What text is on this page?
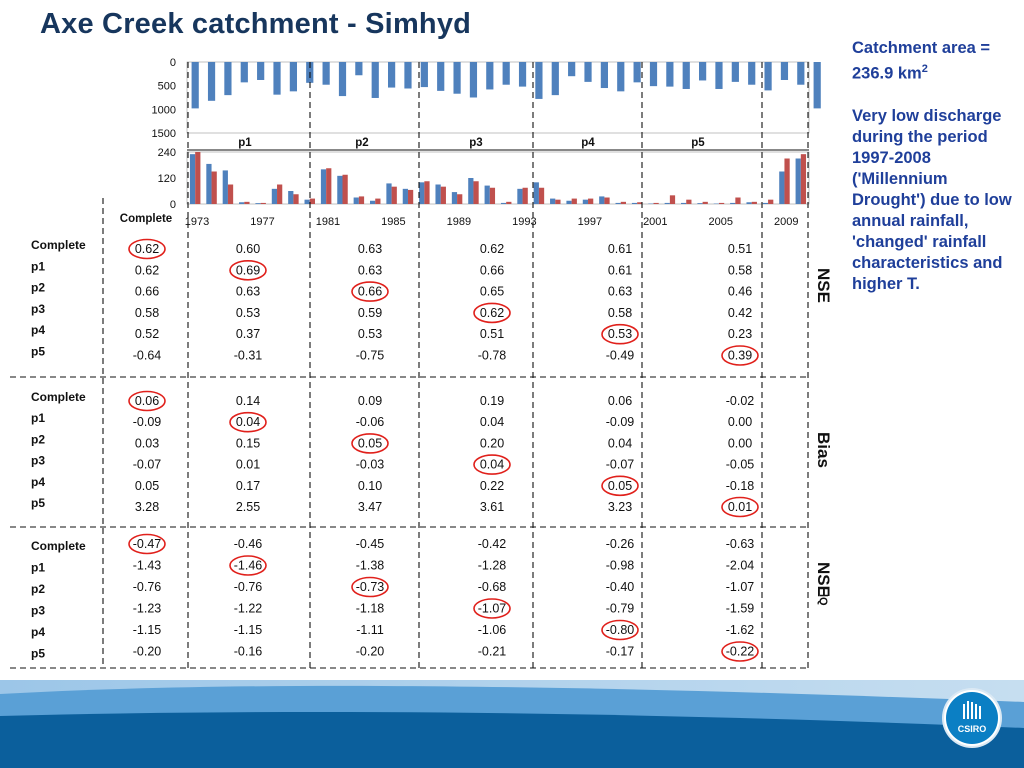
Axe Creek catchment - Simhyd

Catchment area = 236.9 $km^2$

Very low discharge during the period 1997-2008 ('Millennium Drought') due to low annual rainfall, 'changed' rainfall characteristics and higher T.

0
500
1000
1500
0
120
240
1973	1977	1981	1985	1989	1993	1997	2001	2005	2009
p1	p2	p3	p4	p5
Complete
Complete
p1
p2
p3
p4
p5
0.62	0.60	0.63	0.62	0.61	0.51
0.62	0.69	0.63	0.66	0.61	0.58
0.66	0.63	0.66	0.65	0.63	0.46
0.58	0.53	0.59	0.62	0.58	0.42
0.52	0.37	0.53	0.51	0.53	0.23
-0.64	-0.31	-0.75	-0.78	-0.49	0.39
Complete
p1
p2
p3
p4
p5
0.06	0.14	0.09	0.19	0.06	-0.02
-0.09	0.04	-0.06	0.04	-0.09	0.00
0.03	0.15	0.05	0.20	0.04	0.00
-0.07	0.01	-0.03	0.04	-0.07	-0.05
0.05	0.17	0.10	0.22	0.05	-0.18
3.28	2.55	3.47	3.61	3.23	0.01
Complete
p1
p2
p3
p4
p5
-0.47	-0.46	-0.45	-0.42	-0.26	-0.63
-1.43	-1.46	-1.38	-1.28	-0.98	-2.04
-0.76	-0.76	-0.73	-0.68	-0.40	-1.07
-1.23	-1.22	-1.18	-1.07	-0.79	-1.59
-1.15	-1.15	-1.11	-1.06	-0.80	-1.62
-0.20	-0.16	-0.20	-0.21	-0.17	-0.22
NSE
Bias
NSE
lQ
CSIRO
